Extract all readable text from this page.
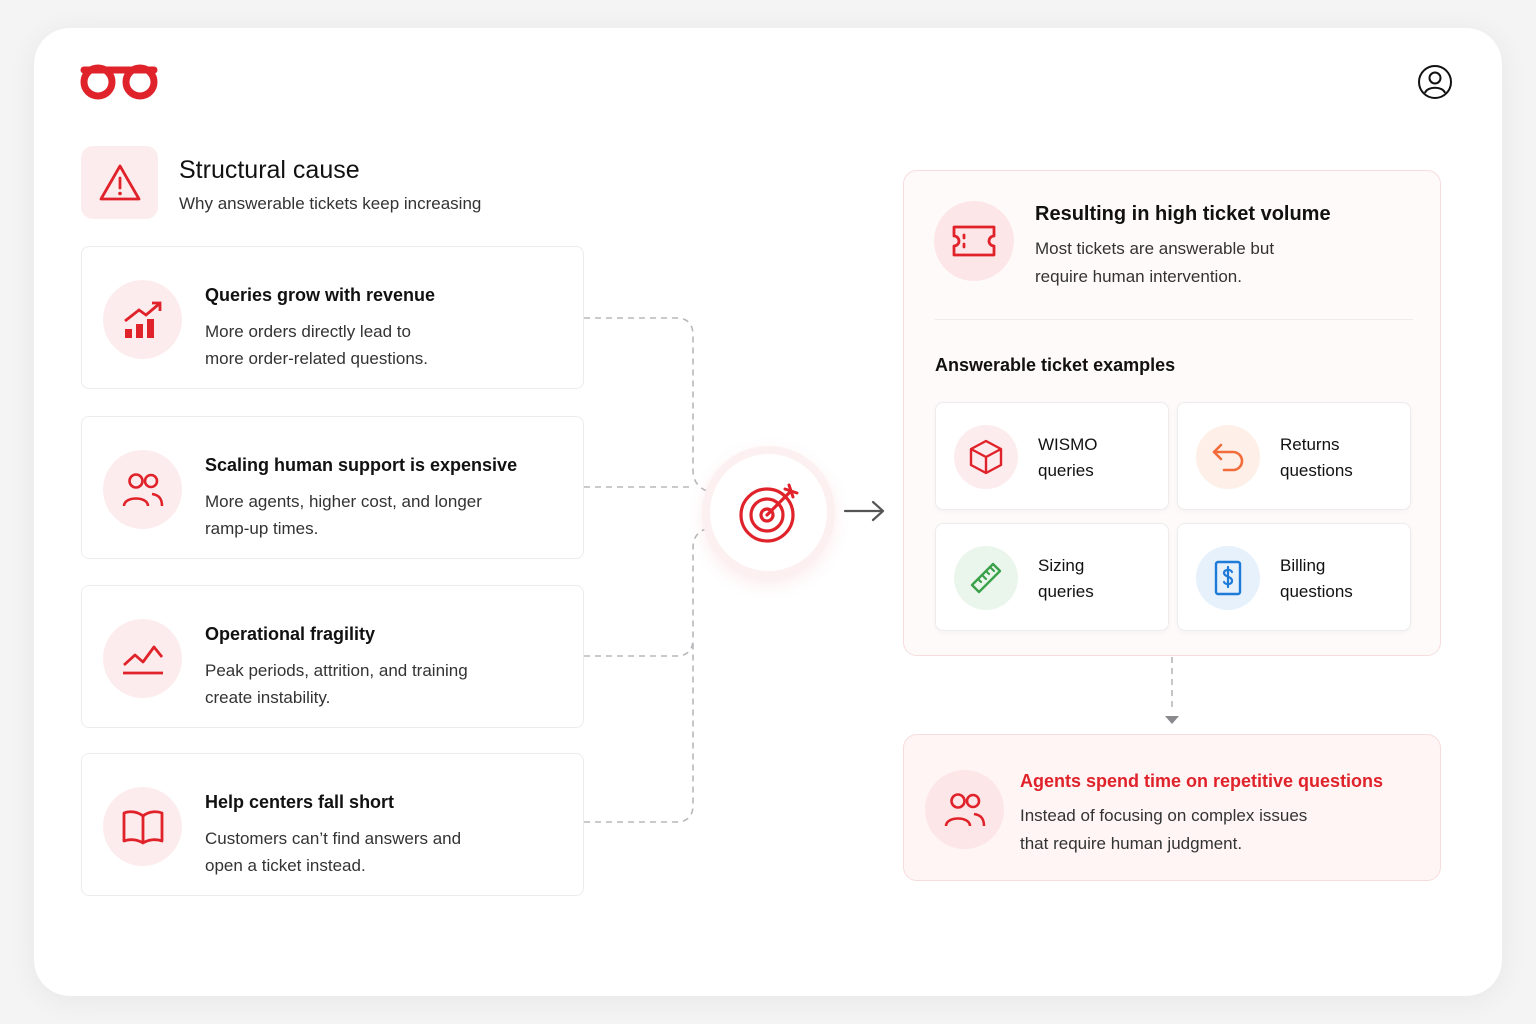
Structural cause
Why answerable tickets keep increasing
Queries grow with revenue
More orders directly lead to
more order-related questions.
Scaling human support is expensive
More agents, higher cost, and longer
ramp-up times.
Operational fragility
Peak periods, attrition, and training
create instability.
Help centers fall short
Customers can’t find answers and
open a ticket instead.
Resulting in high ticket volume
Most tickets are answerable but
require human intervention.
Answerable ticket examples
WISMO
queries
Returns
questions
Sizing
queries
Billing
questions
Agents spend time on repetitive questions
Instead of focusing on complex issues
that require human judgment.
